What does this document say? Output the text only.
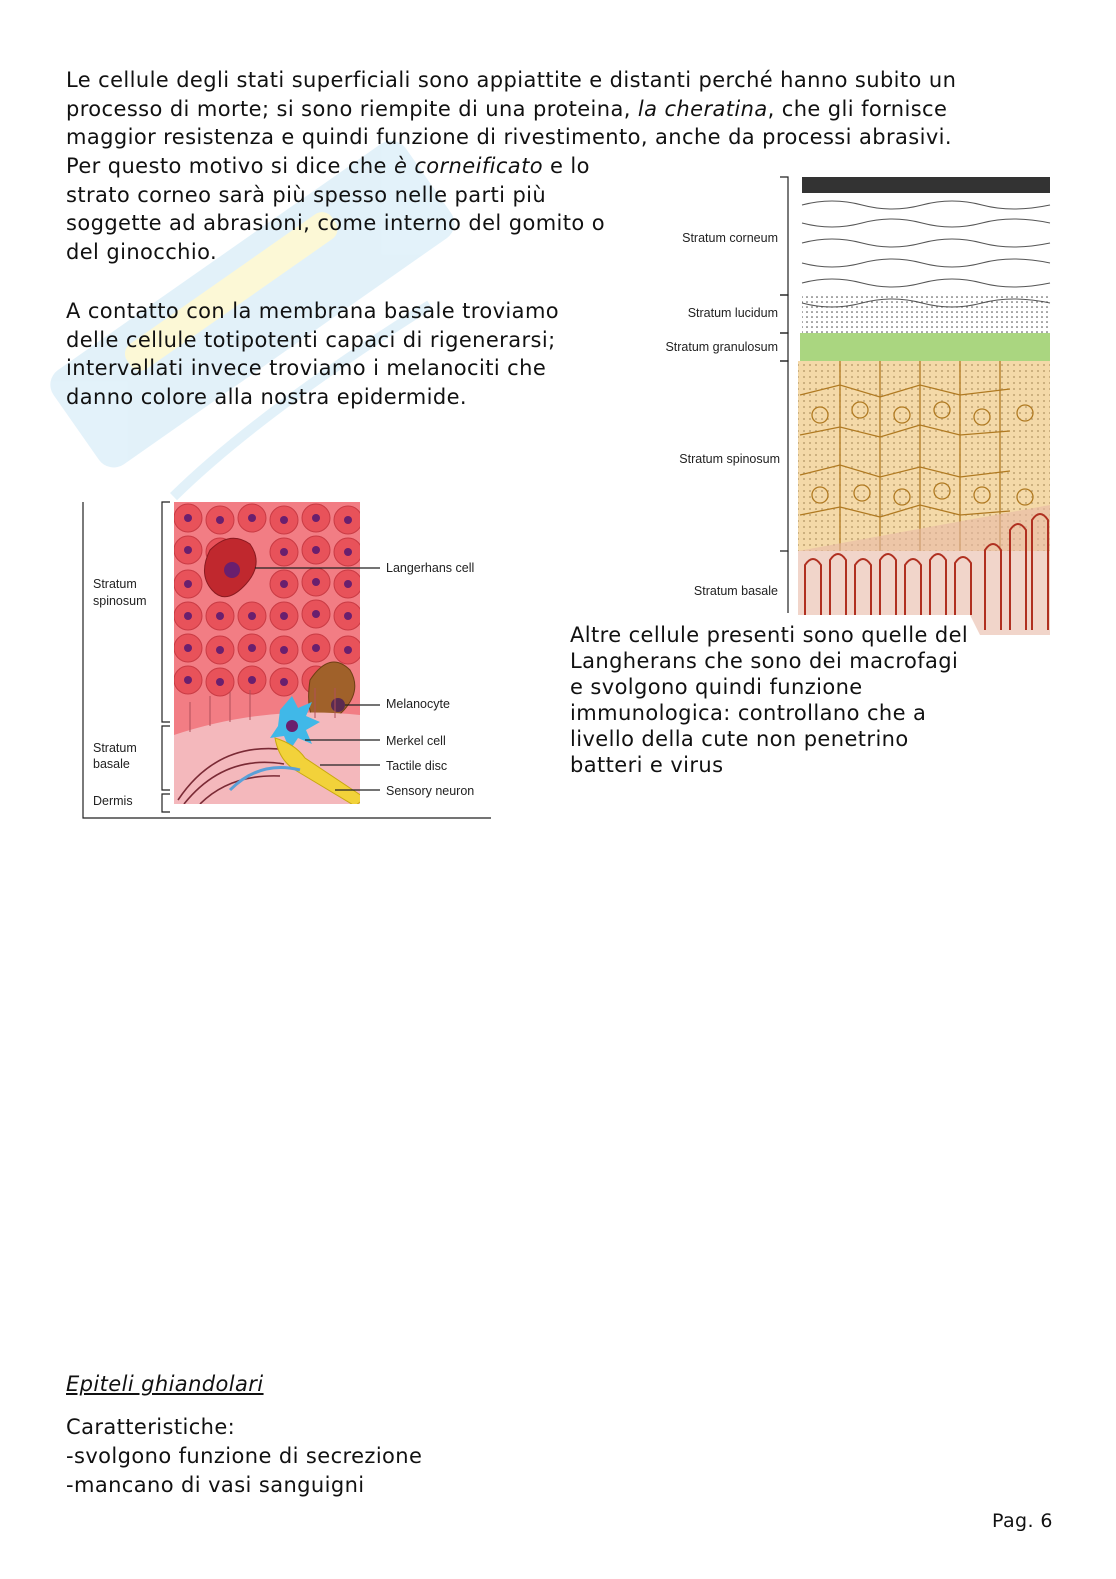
Le cellule degli stati superficiali sono appiattite e distanti perché hanno subito un processo di morte; si sono riempite di una proteina, la cheratina, che gli fornisce maggior resistenza e quindi funzione di rivestimento, anche da processi abrasivi.

Per questo motivo si dice che è corneificato e lo strato corneo sarà più spesso nelle parti più soggette ad abrasioni, come interno del gomito o del ginocchio.

A contatto con la membrana basale troviamo delle cellule totipotenti capaci di rigenerarsi; intervallati invece troviamo i melanociti che danno colore alla nostra epidermide.

Altre cellule presenti sono quelle del Langherans che sono dei macrofagi e svolgono quindi funzione immunologica: controllano che a livello della cute non penetrino batteri e virus

Stratum corneum
Stratum lucidum
Stratum granulosum
Stratum spinosum
Stratum basale
Stratum
spinosum
Stratum
basale
Dermis
Langerhans cell
Melanocyte
Merkel cell
Tactile disc
Sensory neuron

Epiteli ghiandolari

Caratteristiche:

-svolgono funzione di secrezione

-mancano di vasi sanguigni

Pag. 6
